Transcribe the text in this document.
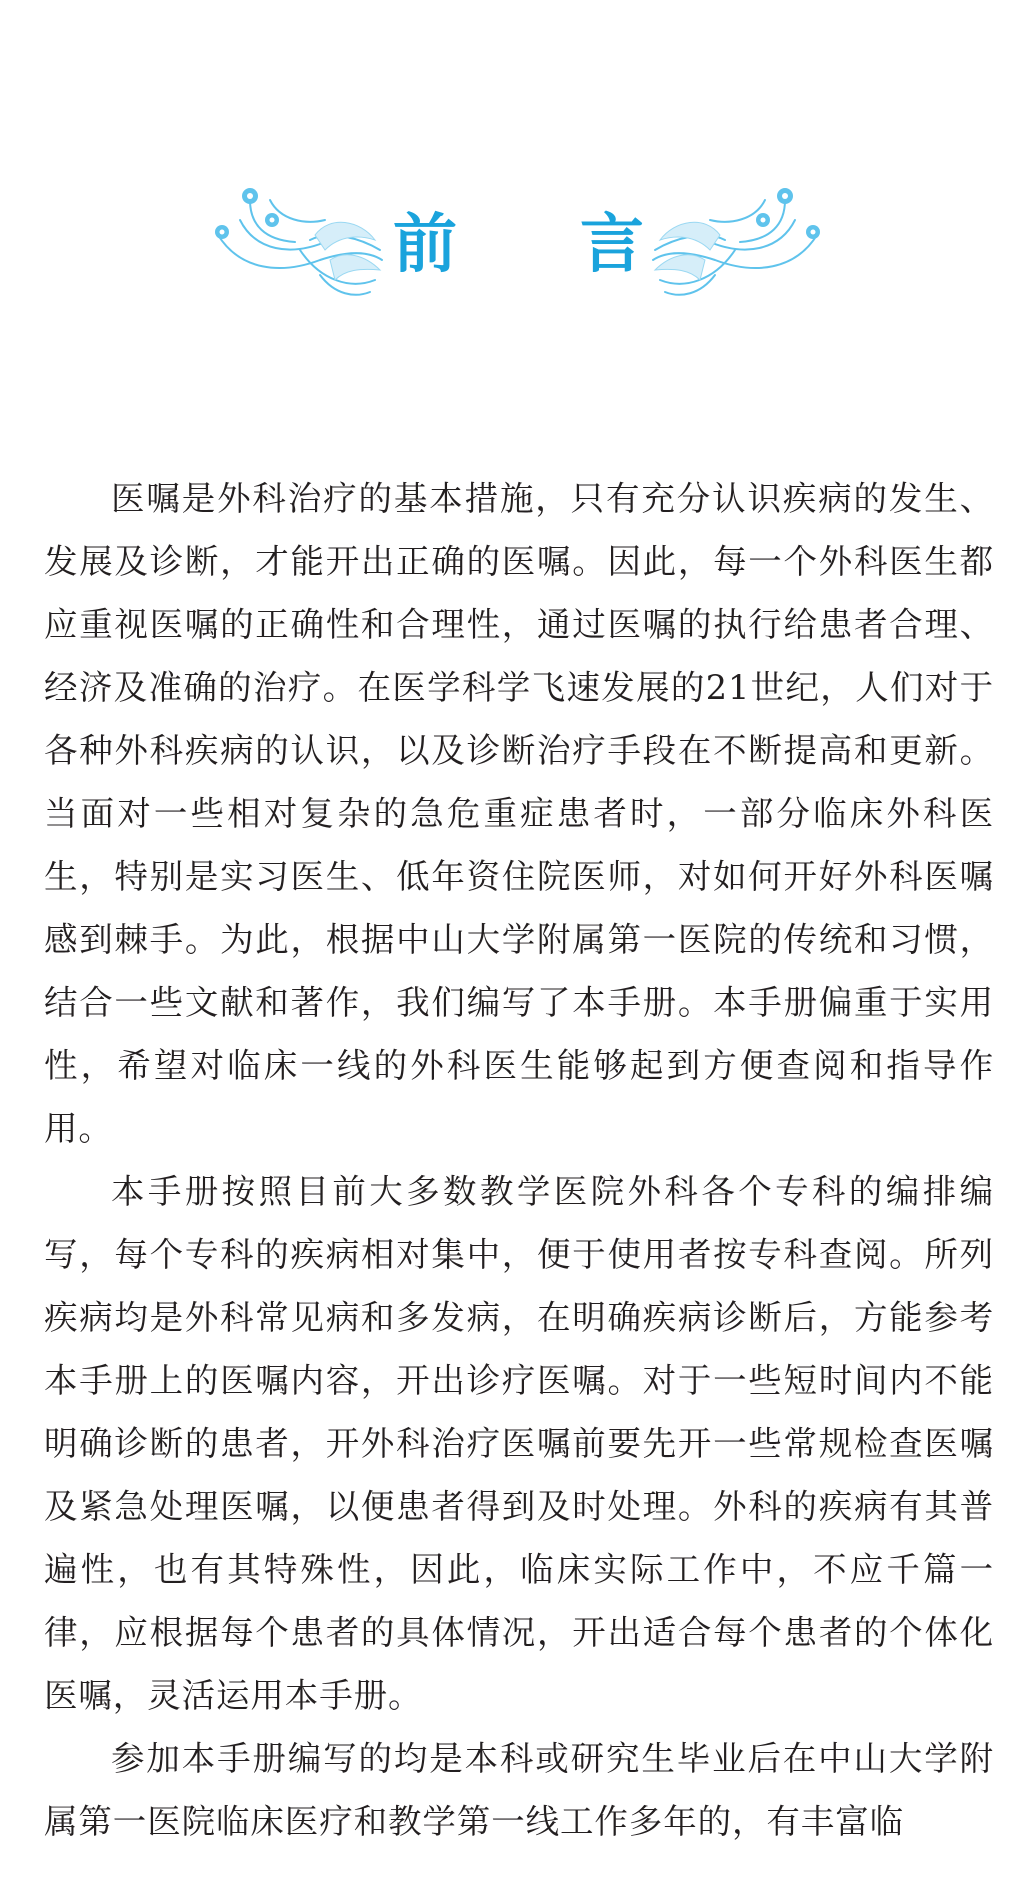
前 言

医嘱是外科治疗的基本措施，只有充分认识疾病的发生、发展及诊断，才能开出正确的医嘱。因此，每一个外科医生都应重视医嘱的正确性和合理性，通过医嘱的执行给患者合理、经济及准确的治疗。在医学科学飞速发展的21世纪，人们对于各种外科疾病的认识，以及诊断治疗手段在不断提高和更新。当面对一些相对复杂的急危重症患者时，一部分临床外科医生，特别是实习医生、低年资住院医师，对如何开好外科医嘱感到棘手。为此，根据中山大学附属第一医院的传统和习惯，结合一些文献和著作，我们编写了本手册。本手册偏重于实用性，希望对临床一线的外科医生能够起到方便查阅和指导作用。

本手册按照目前大多数教学医院外科各个专科的编排编写，每个专科的疾病相对集中，便于使用者按专科查阅。所列疾病均是外科常见病和多发病，在明确疾病诊断后，方能参考本手册上的医嘱内容，开出诊疗医嘱。对于一些短时间内不能明确诊断的患者，开外科治疗医嘱前要先开一些常规检查医嘱及紧急处理医嘱，以便患者得到及时处理。外科的疾病有其普遍性，也有其特殊性，因此，临床实际工作中，不应千篇一律，应根据每个患者的具体情况，开出适合每个患者的个体化医嘱，灵活运用本手册。

参加本手册编写的均是本科或研究生毕业后在中山大学附属第一医院临床医疗和教学第一线工作多年的，有丰富临
